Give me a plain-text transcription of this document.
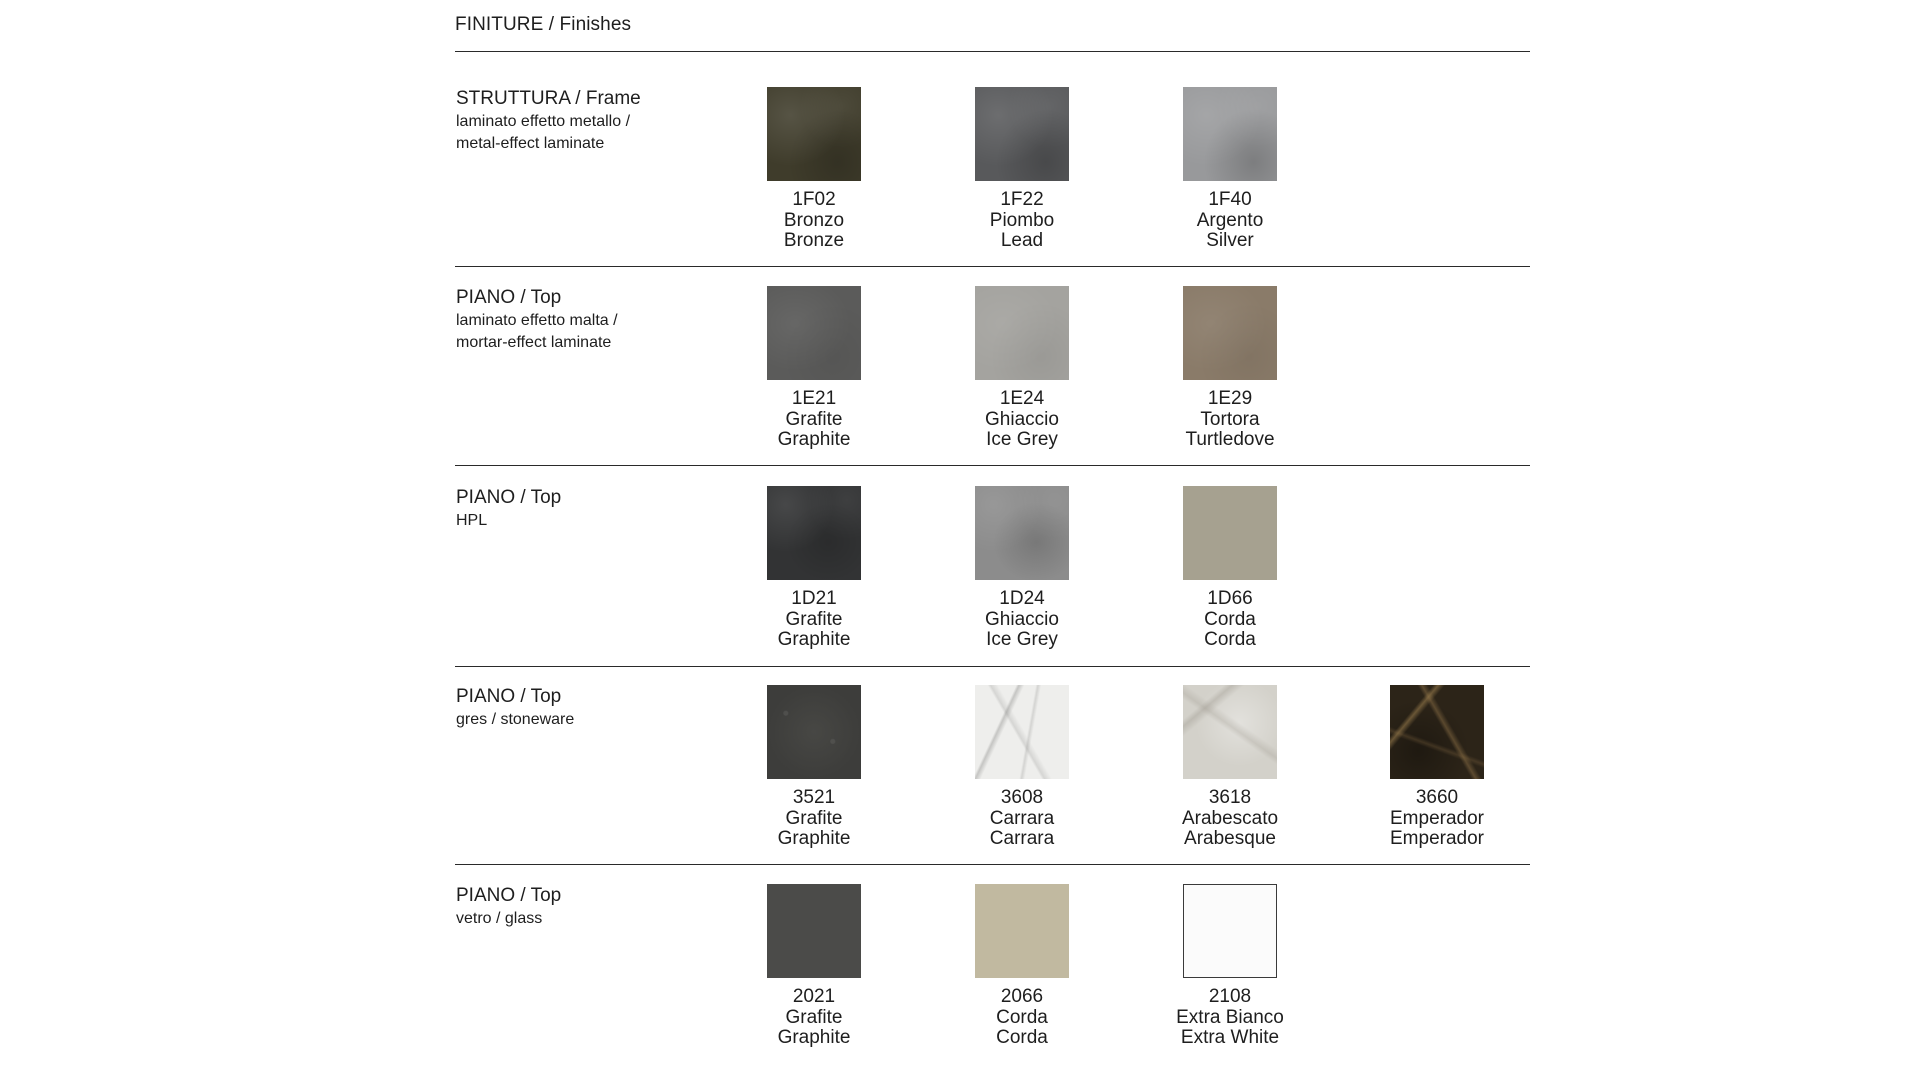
FINITURE / Finishes
STRUTTURA / Frame
laminato effetto metallo /
metal-effect laminate
1F02
Bronzo
Bronze
1F22
Piombo
Lead
1F40
Argento
Silver
PIANO / Top
laminato effetto malta /
mortar-effect laminate
1E21
Grafite
Graphite
1E24
Ghiaccio
Ice Grey
1E29
Tortora
Turtledove
PIANO / Top
HPL
1D21
Grafite
Graphite
1D24
Ghiaccio
Ice Grey
1D66
Corda
Corda
PIANO / Top
gres / stoneware
3521
Grafite
Graphite
3608
Carrara
Carrara
3618
Arabescato
Arabesque
3660
Emperador
Emperador
PIANO / Top
vetro / glass
2021
Grafite
Graphite
2066
Corda
Corda
2108
Extra Bianco
Extra White
